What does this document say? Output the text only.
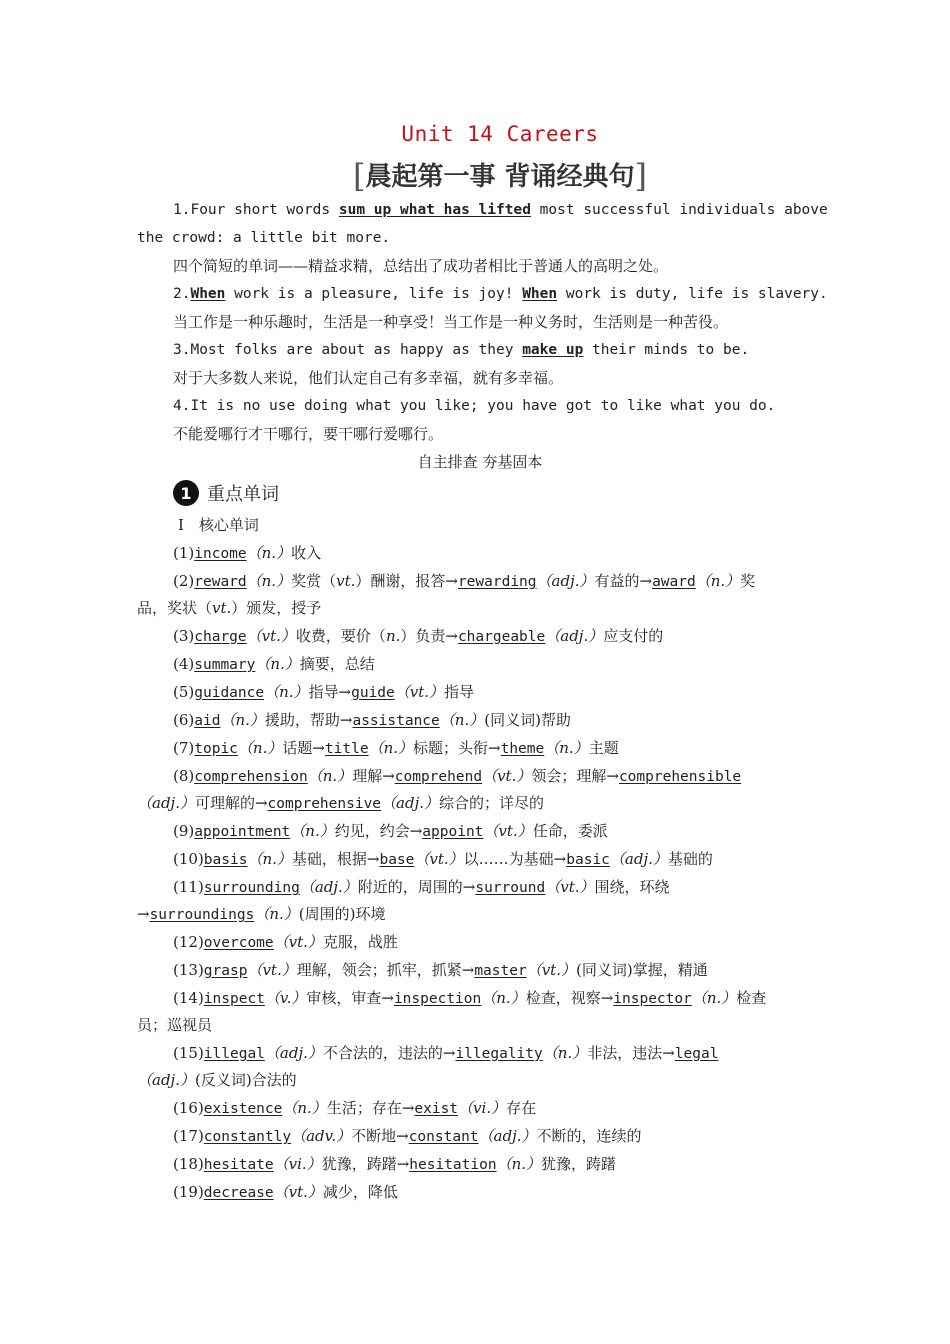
Unit 14 Careers
[晨起第一事 背诵经典句]
1.Four short words sum up what has lifted most successful individuals above
the crowd: a little bit more.
四个简短的单词——精益求精，总结出了成功者相比于普通人的高明之处。
2.When work is a pleasure, life is joy! When work is duty, life is slavery.
当工作是一种乐趣时，生活是一种享受！当工作是一种义务时，生活则是一种苦役。
3.Most folks are about as happy as they make up their minds to be.
对于大多数人来说，他们认定自己有多幸福，就有多幸福。
4.It is no use doing what you like; you have got to like what you do.
不能爱哪行才干哪行，要干哪行爱哪行。
自主排查 夯基固本
1 重点单词
Ⅰ　核心单词
(1)income（n.）收入
(2)reward（n.）奖赏（vt.）酬谢，报答→rewarding（adj.）有益的→award（n.）奖
品，奖状（vt.）颁发，授予
(3)charge（vt.）收费，要价（n.）负责→chargeable（adj.）应支付的
(4)summary（n.）摘要，总结
(5)guidance（n.）指导→guide（vt.）指导
(6)aid（n.）援助，帮助→assistance（n.）(同义词)帮助
(7)topic（n.）话题→title（n.）标题；头衔→theme（n.）主题
(8)comprehension（n.）理解→comprehend（vt.）领会；理解→comprehensible
（adj.）可理解的→comprehensive（adj.）综合的；详尽的
(9)appointment（n.）约见，约会→appoint（vt.）任命，委派
(10)basis（n.）基础，根据→base（vt.）以……为基础→basic（adj.）基础的
(11)surrounding（adj.）附近的，周围的→surround（vt.）围绕，环绕
→surroundings（n.）(周围的)环境
(12)overcome（vt.）克服，战胜
(13)grasp（vt.）理解，领会；抓牢，抓紧→master（vt.）(同义词)掌握，精通
(14)inspect（v.）审核，审查→inspection（n.）检查，视察→inspector（n.）检查
员；巡视员
(15)illegal（adj.）不合法的，违法的→illegality（n.）非法，违法→legal
（adj.）(反义词)合法的
(16)existence（n.）生活；存在→exist（vi.）存在
(17)constantly（adv.）不断地→constant（adj.）不断的，连续的
(18)hesitate（vi.）犹豫，踌躇→hesitation（n.）犹豫，踌躇
(19)decrease（vt.）减少，降低
